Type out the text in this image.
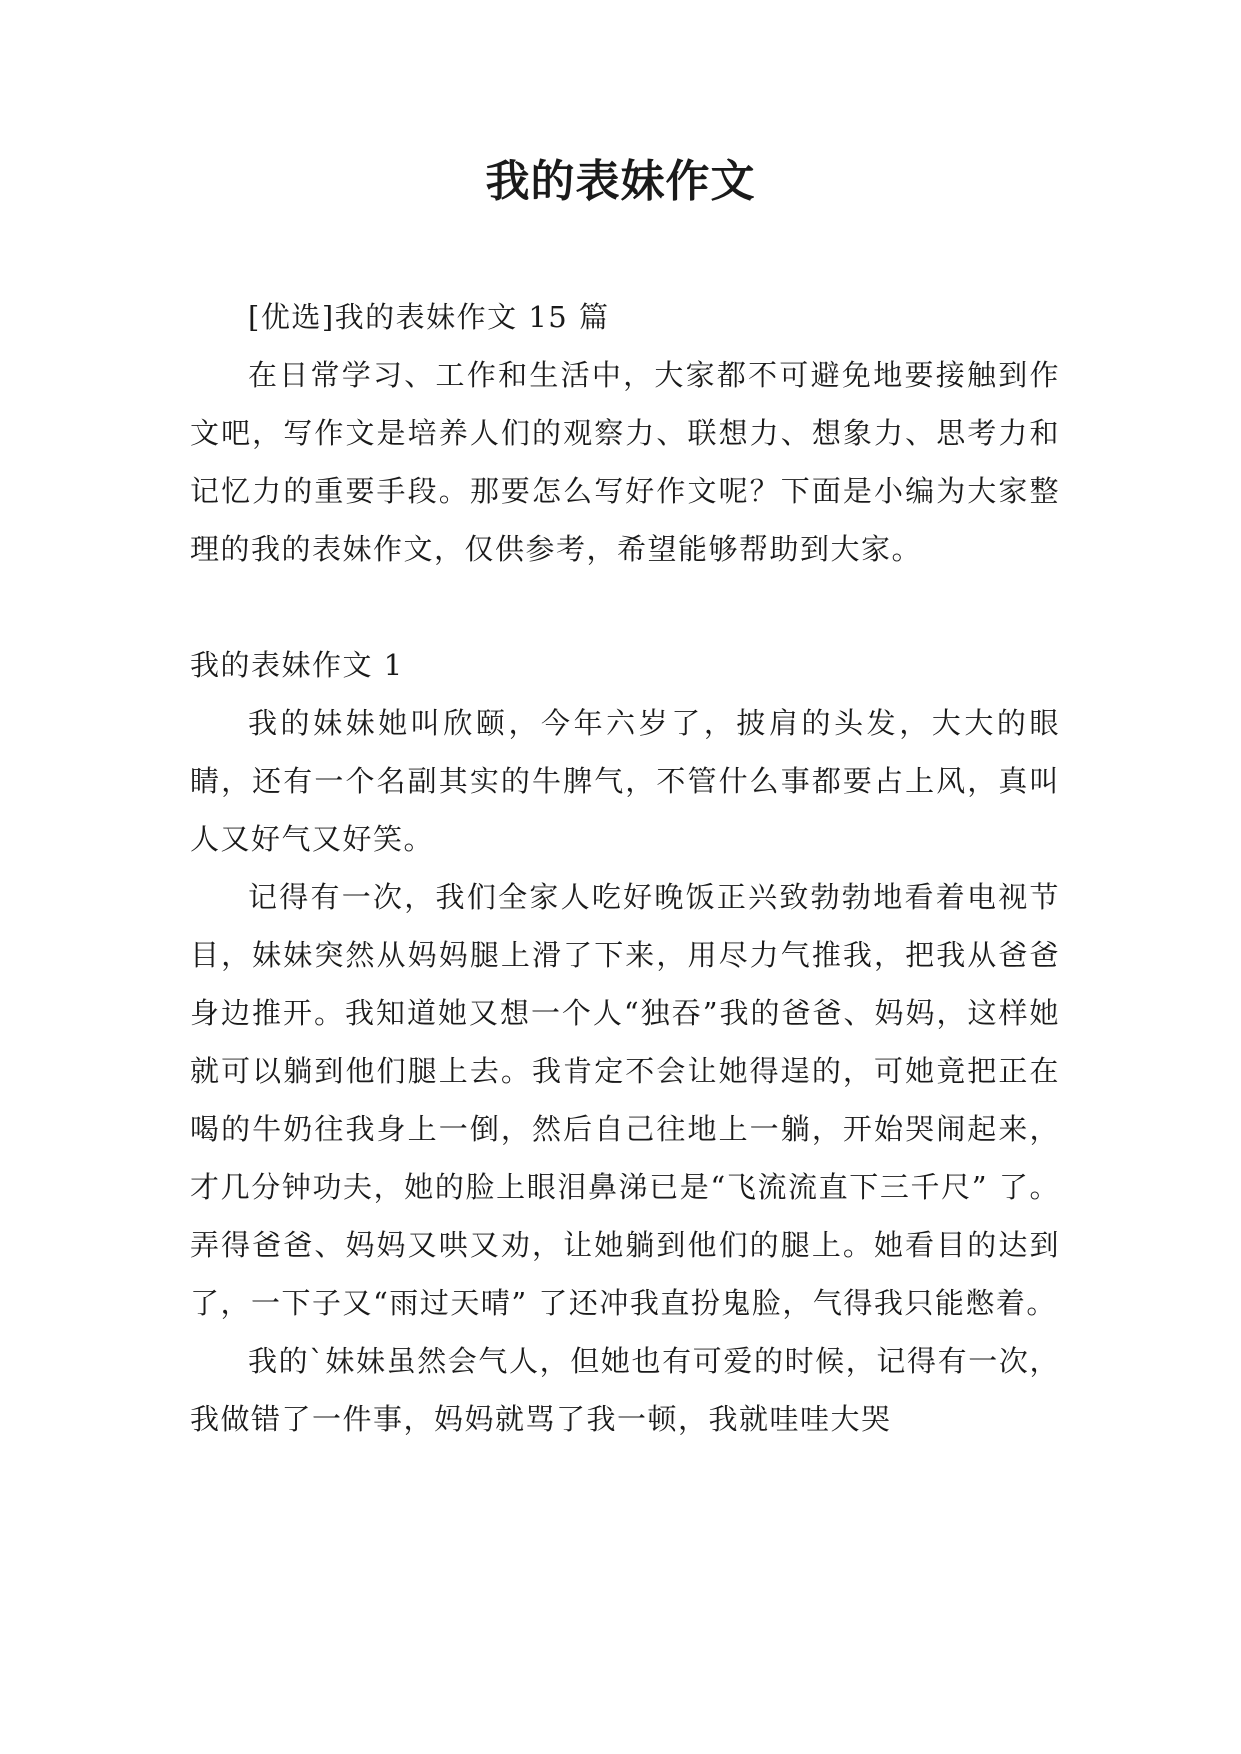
我的表妹作文

[优选]我的表妹作文 15 篇

在日常学习、工作和生活中，大家都不可避免地要接触到作文吧，写作文是培养人们的观察力、联想力、想象力、思考力和记忆力的重要手段。那要怎么写好作文呢？下面是小编为大家整理的我的表妹作文，仅供参考，希望能够帮助到大家。

我的表妹作文 1

我的妹妹她叫欣颐，今年六岁了，披肩的头发，大大的眼睛，还有一个名副其实的牛脾气，不管什么事都要占上风，真叫人又好气又好笑。

记得有一次，我们全家人吃好晚饭正兴致勃勃地看着电视节目，妹妹突然从妈妈腿上滑了下来，用尽力气推我，把我从爸爸身边推开。我知道她又想一个人“独吞”我的爸爸、妈妈，这样她就可以躺到他们腿上去。我肯定不会让她得逞的，可她竟把正在喝的牛奶往我身上一倒，然后自己往地上一躺，开始哭闹起来，才几分钟功夫，她的脸上眼泪鼻涕已是“飞流流直下三千尺” 了。弄得爸爸、妈妈又哄又劝，让她躺到他们的腿上。她看目的达到了，一下子又“雨过天晴” 了还冲我直扮鬼脸，气得我只能憋着。

我的`妹妹虽然会气人，但她也有可爱的时候，记得有一次，我做错了一件事，妈妈就骂了我一顿，我就哇哇大哭
